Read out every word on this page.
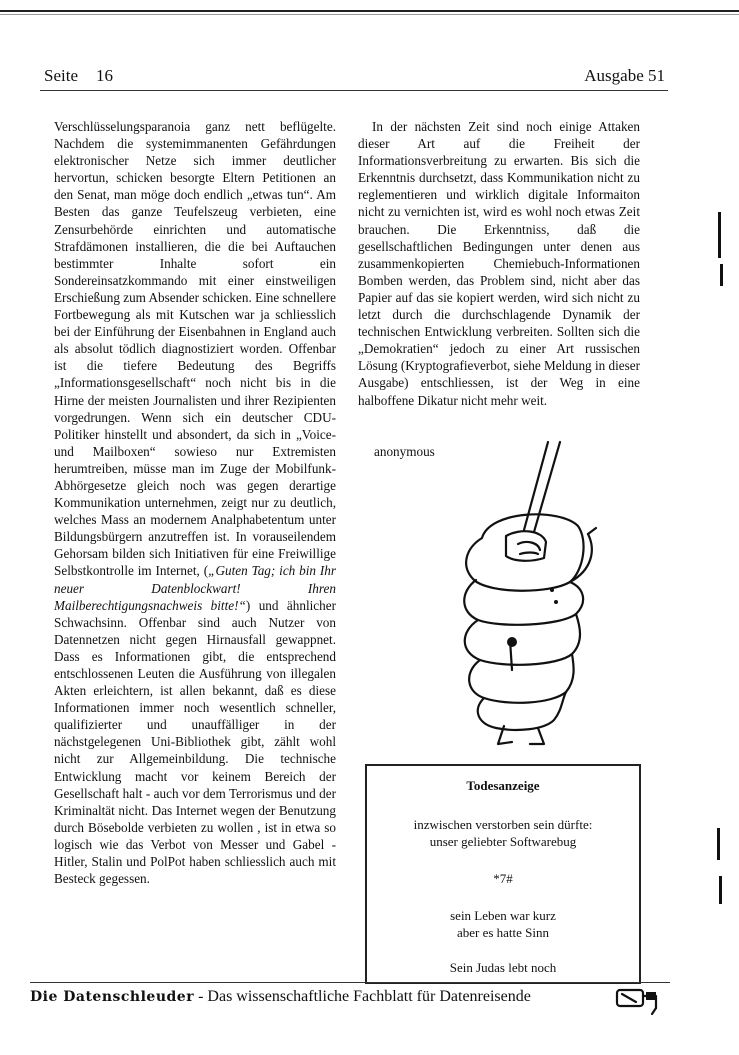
Seite 16	Ausgabe 51

Verschlüsselungsparanoia ganz nett beflügelte. Nachdem die systemimmanenten Gefährdungen elektronischer Netze sich immer deutlicher hervortun, schicken besorgte Eltern Petitionen an den Senat, man möge doch endlich „etwas tun“. Am Besten das ganze Teufelszeug verbieten, eine Zensurbehörde einrichten und automatische Strafdämonen installieren, die die bei Auftauchen bestimmter Inhalte sofort ein Sondereinsatzkommando mit einer einstweiligen Erschießung zum Absender schicken. Eine schnellere Fortbewegung als mit Kutschen war ja schliesslich bei der Einführung der Eisenbahnen in England auch als absolut tödlich diagnostiziert worden. Offenbar ist die tiefere Bedeutung des Begriffs „Informationsgesellschaft“ noch nicht bis in die Hirne der meisten Journalisten und ihrer Rezipienten vorgedrungen. Wenn sich ein deutscher CDU-Politiker hinstellt und absondert, da sich in „Voice- und Mailboxen“ sowieso nur Extremisten herumtreiben, müsse man im Zuge der Mobilfunk-Abhörgesetze gleich noch was gegen derartige Kommunikation unternehmen, zeigt nur zu deutlich, welches Mass an modernem Analphabetentum unter Bildungsbürgern anzutreffen ist. In vorauseilendem Gehorsam bilden sich Initiativen für eine Freiwillige Selbstkontrolle im Internet, („Guten Tag; ich bin Ihr neuer Datenblockwart! Ihren Mailberechtigungsnachweis bitte!“) und ähnlicher Schwachsinn. Offenbar sind auch Nutzer von Datennetzen nicht gegen Hirnausfall gewappnet. Dass es Informationen gibt, die entsprechend entschlossenen Leuten die Ausführung von illegalen Akten erleichtern, ist allen bekannt, daß es diese Informationen immer noch wesentlich schneller, qualifizierter und unauffälliger in der nächstgelegenen Uni-Bibliothek gibt, zählt wohl nicht zur Allgemeinbildung. Die technische Entwicklung macht vor keinem Bereich der Gesellschaft halt - auch vor dem Terrorismus und der Kriminaltät nicht. Das Internet wegen der Benutzung durch Bösebolde verbieten zu wollen , ist in etwa so logisch wie das Verbot von Messer und Gabel -Hitler, Stalin und PolPot haben schliesslich auch mit Besteck gegessen.

In der nächsten Zeit sind noch einige Attaken dieser Art auf die Freiheit der Informationsverbreitung zu erwarten. Bis sich die Erkenntnis durchsetzt, dass Kommunikation nicht zu reglementieren und wirklich digitale Informaiton nicht zu vernichten ist, wird es wohl noch etwas Zeit brauchen. Die Erkenntniss, daß die gesellschaftlichen Bedingungen unter denen aus zusammenkopierten Chemiebuch-Informationen Bomben werden, das Problem sind, nicht aber das Papier auf das sie kopiert werden, wird sich nicht zu letzt durch die durchschlagende Dynamik der technischen Entwicklung verbreiten. Sollten sich die „Demokratien“ jedoch zu einer Art russischen Lösung (Kryptografieverbot, siehe Meldung in dieser Ausgabe) entschliessen, ist der Weg in eine halboffene Dikatur nicht mehr weit.

anonymous
Todesanzeige
inzwischen verstorben sein dürfte:
unser geliebter Softwarebug
*7#
sein Leben war kurz
aber es hatte Sinn
Sein Judas lebt noch
Die Datenschleuder - Das wissenschaftliche Fachblatt für Datenreisende
